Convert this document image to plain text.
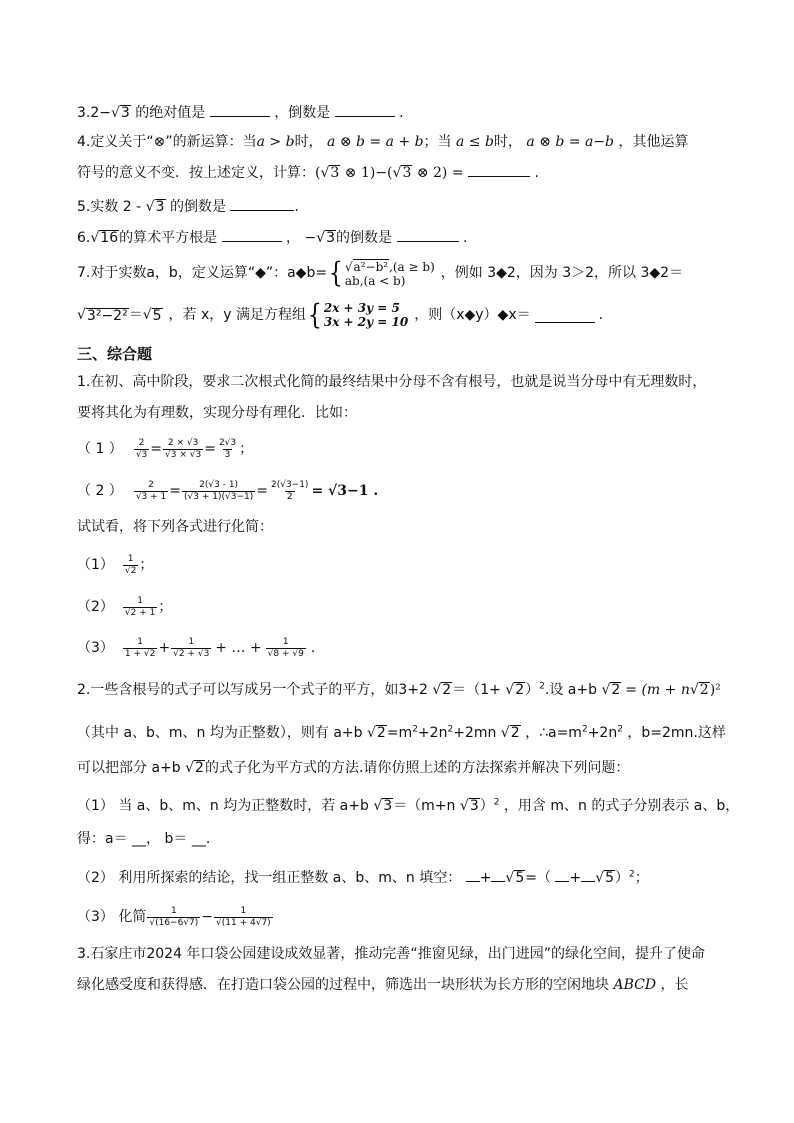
3.2−√3 的绝对值是	，倒数是	.
4.定义关于“⊗”的新运算：当a > b时， a ⊗ b = a + b；当 a ≤ b时， a ⊗ b = a−b ，其他运算
符号的意义不变．按上述定义，计算：(√3 ⊗ 1)−(√3 ⊗ 2) =	.
5.实数 2 - √3 的倒数是	.
6.√16的算术平方根是	， −√3的倒数是	.
7.对于实数a，b，定义运算“◆”：a◆b= { √a²−b²,(a ≥ b)
ab,(a < b)	，例如 3◆2，因为 3＞2，所以 3◆2＝
√ 3²−2² ＝ √ 5 ，若 x，y 满足方程组 { 2x + 3y = 5
3x + 2y = 10 ，则（x◆y）◆x＝	.
三、综合题
1.在初、高中阶段，要求二次根式化简的最终结果中分母不含有根号，也就是说当分母中有无理数时，
要将其化为有理数，实现分母有理化．比如：
（ 1 ） $\frac{2}{√3} = \frac{2 \times √3}{√3 \times √3} = \frac{2√3}{3}$ ；
（ 2 ） $\frac{2}{√3 + 1} = \frac{2(√3 - 1)}{(√3 + 1)(√3-1)} = \frac{2(√3-1)}{2} = √3-1$ .
试试看，将下列各式进行化简：
$(1) \frac{1}{√2}$ ；
$(2) \frac{1}{√2 + 1}$ ；
$(3) \frac{1}{1 + √2} + \frac{1}{√2 + √3}$ + … + $\frac{1}{√8 + √9}$ .
2.一些含根号的式子可以写成另一个式子的平方，如3+2 $√2=(1+ √2)^2$.设 a+b √2 = (m + n√2)²
（其中 a、b、m、n 均为正整数），则有 a+b $√2=m^2+2n^2+2mn$ √2 ，$\therefore a=m^2+2n^2$ ，b=2mn.这样
可以把部分 a+b √2的式子化为平方式的方法.请你仿照上述的方法探索并解决下列问题：
（1） 当 a、b、m、n 均为正整数时，若 a+b √3＝（m+n √3）$^2$ ，用含 m、n 的式子分别表示 a、b，
得：a＝ __， b＝ __.
（2） 利用所探索的结论，找一组正整数 a、b、m、n 填空： + $√5=( + √5)^2$；
（3） 化简 $\frac{1}{√(16-6√7)} - \frac{1}{√(11 + 4√7)}$
3.石家庄市2024 年口袋公园建设成效显著，推动完善“推窗见绿，出门进园”的绿化空间，提升了使命
绿化感受度和获得感．在打造口袋公园的过程中，筛选出一块形状为长方形的空闲地块 ABCD ，长
